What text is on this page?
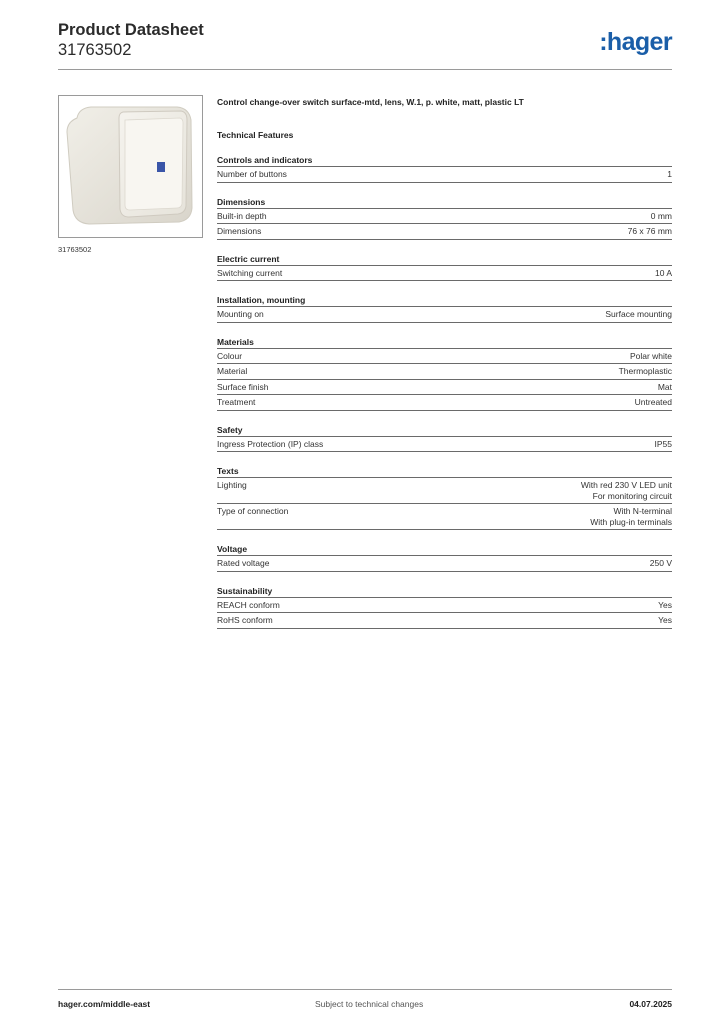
Product Datasheet
31763502	:hager
31763502
Control change-over switch surface-mtd, lens, W.1, p. white, matt, plastic LT
Technical Features
Controls and indicators
Number of buttons	1
Dimensions
Built-in depth	0 mm
Dimensions	76 x 76 mm
Electric current
Switching current	10 A
Installation, mounting
Mounting on	Surface mounting
Materials
Colour	Polar white
Material	Thermoplastic
Surface finish	Mat
Treatment	Untreated
Safety
Ingress Protection (IP) class	IP55
Texts
Lighting	With red 230 V LED unit
For monitoring circuit
Type of connection	With N-terminal
With plug-in terminals
Voltage
Rated voltage	250 V
Sustainability
REACH conform	Yes
RoHS conform	Yes
hager.com/middle-east	Subject to technical changes	04.07.2025
